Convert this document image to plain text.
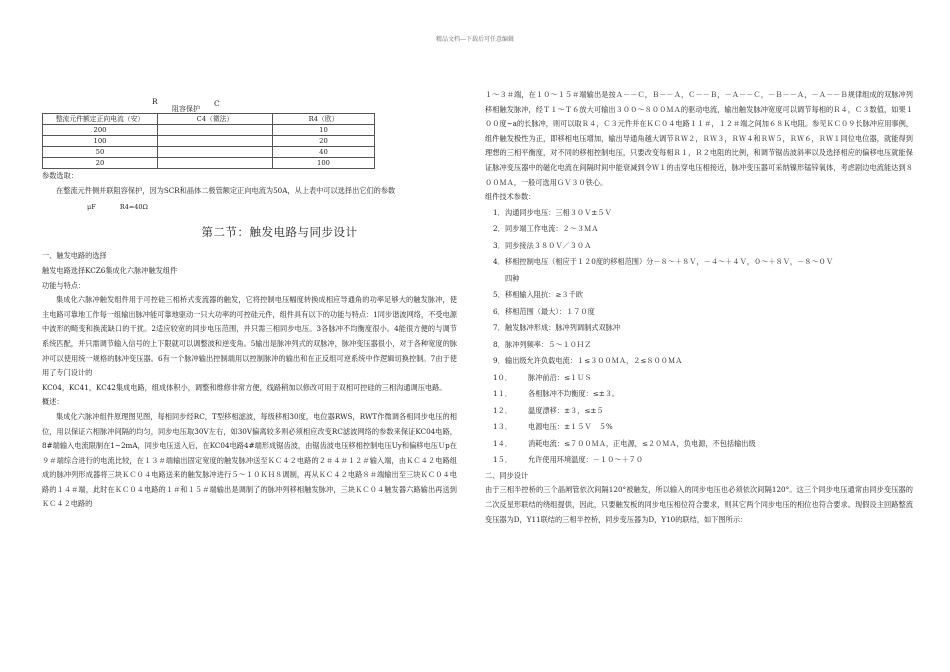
精品文档---下载后可任意编辑
R
阻容保护
C
整流元件额定正向电流（安）	C4（微法）	R4（欧）
200		10
100		20
50		40
20		100

参数选取：

在整流元件侧并联阻容保护，因为SCR和晶体二极管额定正向电流为50A，从上表中可以选择出它们的参数

μF	R4=40Ω
第二节：触发电路与同步设计

一、触发电路的选择

触发电路选择KCZ6集成化六脉冲触发组件

功能与特点：

集成化六脉冲触发组件用于可控硅三相桥式变流器的触发，它将控制电压幅度转换成相应导通角的功率足够大的触发脉冲，使主电路可靠地工作每一组输出脉冲能可靠地驱动一只大功率的可控硅元件，组件具有以下的功能与特点：1同步谐波网络，不受电源中波形的畸变和换流缺口的干扰。2适应较宽的同步电压范围，并只需三相同步电压。3各脉冲不均衡度很小。4能很方便的与调节系统匹配，并只需调节输入信号的上下限就可以调整波和逆变角。5输出是脉冲列式的双脉冲，脉冲变压器很小，对于各种宽度的脉冲可以使用统一规格的脉冲变压器。6有一个脉冲输出控制端用以控制脉冲的输出和在正反组可逆系统中作逻辑切换控制。7由于使用了专门设计的

KC04，KC41，KC42集成电路，组成体积小，调整和维修非常方便，线路稍加以修改可用于双相可控硅的三相沟通调压电路。

概述：

集成化六脉冲组件原理图见图，每相同步经RC，T型移相滤波，每级移相30度，电位器RWS，RWT作微调各相同步电压的相位，用以保证六相脉冲间隔的均匀，同步电压取30V左右，如30V偏离较多则必须相应改变RC滤波网络的参数来保证KC04电路，8#端输入电流限制在1~2mA，同步电压送入后，在KC04电路4#端形成锯齿波，由锯齿波电压移相控制电压Uy和偏移电压Ｕp在９＃端综合进行的电流比较，在１３＃端输出固定宽度的触发脉冲送至ＫＣ４２电路的２＃４＃１２＃输入端，由ＫＣ４２电路组成的脉冲列形成器将三块ＫＣ０４电路送来的触发脉冲进行５～１０ＫＨ８调制，再从ＫＣ４２电路８＃端输出至三块ＫＣ０４电路的１４＃端，此时在ＫＣ０４电路的１＃和１５＃端输出是调制了的脉冲列移相触发脉冲，三块ＫＣ０４触发器六路输出再送到ＫＣ４２电路的

１～３＃端，在１０～１５＃端输出是按Ａ－－Ｃ，Ｂ－－Ａ，Ｃ－－Ｂ，－Ａ－－Ｃ，－Ｂ－－Ａ，－Ａ－－Ｂ规律组成的双脉冲列移相触发脉冲，经Ｔ１～Ｔ６放大可输出３００～８００ＭＡ的驱动电流，输出触发脉冲宽度可以调节每相的Ｒ４，Ｃ３数值，如果１００度~a的长脉冲，则可以取Ｒ４，Ｃ３元件并在ＫＣ０４电路１１＃，１２＃端之间加６８Ｋ电阻。参见ＫＣ０９长脉冲应用事例，组件触发极性为正，即移相电压增加，输出导通角越大调节ＲＷ２，ＲＷ３，ＲＷ４和ＲＷ５，ＲＷ６，ＲＷ１同位电位器，就能得到理想的三相平衡度，对不同的移相控制电压，只要改变每相Ｒ１，Ｒ２电阻的比例，和调节锯齿波斜率以及选择相应的偏移电压就能保证脉冲变压器中的磁化电流在间隔时间中能衰减到令Ｗ１的击穿电压相接近，脉冲变压器可采纳镍形锰锌氧体，考虑剧边电流能达到８００ＭＡ，一般可选用ＧＶ３０铁心。

组件技术参数：

1． 沟通同步电压：三相３０Ｖ±５Ｖ
2． 同步端工作电流：２～３ＭＡ
3． 同步接法３８０Ｖ／３０Ａ
4． 移相控制电压（相应于１２0度的移相范围）分－８～＋８Ｖ，－４～＋４Ｖ，０～＋８Ｖ，－８～０Ｖ
四种
5． 移相输入阻抗：≥３千欧
6． 移相范围（最大）：１７０度
7． 触发脉冲形成：脉冲列调制式双脉冲
8． 脉冲列频率：５～１０ＨＺ
9． 输出级允许负载电流：１≤３００ＭＡ，２≤８００ＭＡ
1０． 脉冲前沿：≤１ＵＳ
1１． 各相脉冲不均衡度：≤±３。
1２． 温度漂移：±３，≤±５
1３． 电源电压：±１５Ｖ　５%
1４． 消耗电流：≤７００ＭＡ，正电源，≤２０ＭＡ，负电源，不包括输出级
1５． 允许使用环境温度：－１０～＋７０

二、同步设计

由于三相半控桥的三个晶闸管依次间隔120°被触发，所以输入的同步电压也必须依次间隔120°。这三个同步电压通常由同步变压器的二次反星形联结的绕组提供，因此，只要触发板的同步电压相位符合要求，则其它两个同步电压的相位也符合要求。现假设主回路整流变压器为D，Y11联结的三相半控桥，同步变压器为D，Y10的联结，如下图所示：
